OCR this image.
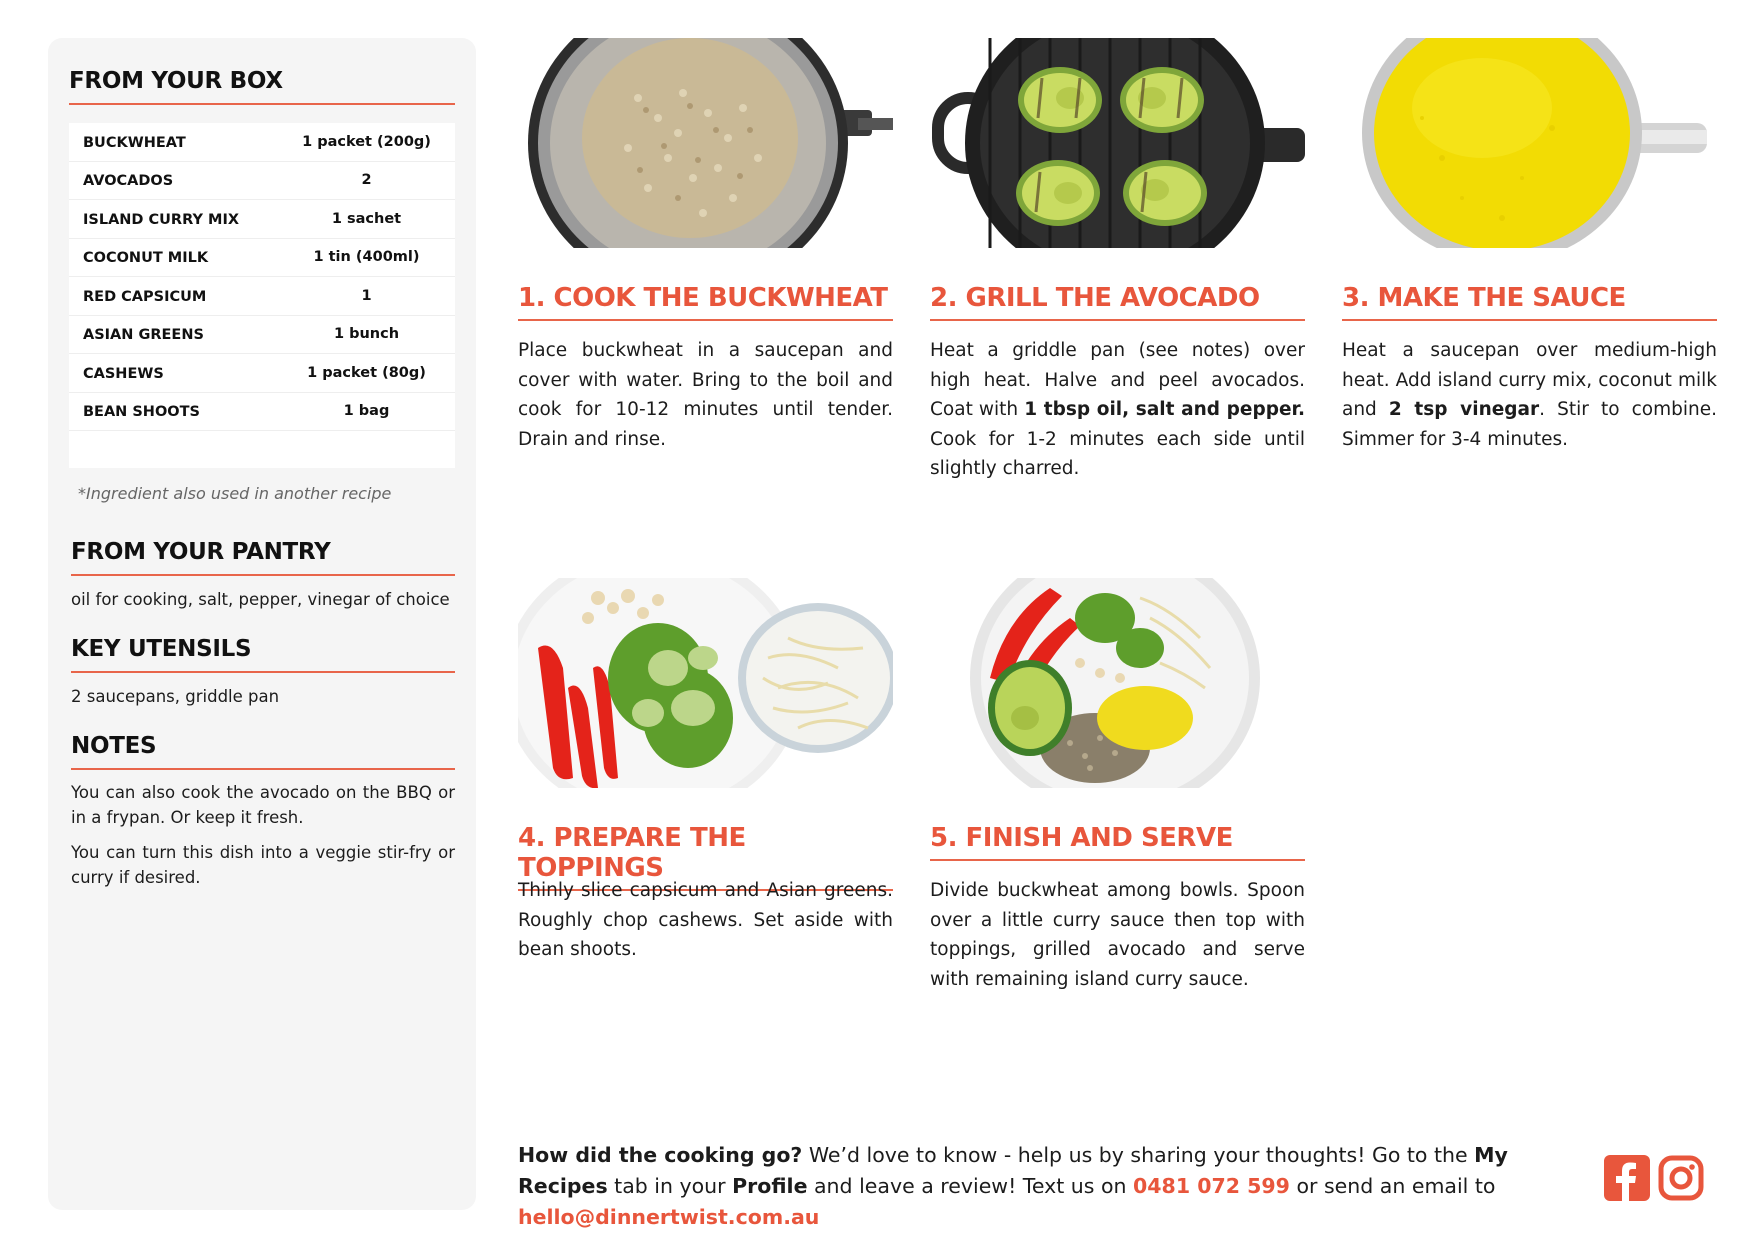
FROM YOUR BOX
BUCKWHEAT	1 packet (200g)
AVOCADOS	2
ISLAND CURRY MIX	1 sachet
COCONUT MILK	1 tin (400ml)
RED CAPSICUM	1
ASIAN GREENS	1 bunch
CASHEWS	1 packet (80g)
BEAN SHOOTS	1 bag
*Ingredient also used in another recipe
FROM YOUR PANTRY
oil for cooking, salt, pepper, vinegar of choice
KEY UTENSILS
2 saucepans, griddle pan
NOTES
You can also cook the avocado on the BBQ or in a frypan. Or keep it fresh.
You can turn this dish into a veggie stir-fry or curry if desired.
1. COOK THE BUCKWHEAT
Place buckwheat in a saucepan and cover with water. Bring to the boil and cook for 10-12 minutes until tender. Drain and rinse.
2. GRILL THE AVOCADO
Heat a griddle pan (see notes) over high heat. Halve and peel avocados. Coat with 1 tbsp oil, salt and pepper. Cook for 1-2 minutes each side until slightly charred.
3. MAKE THE SAUCE
Heat a saucepan over medium-high heat. Add island curry mix, coconut milk and 2 tsp vinegar. Stir to combine. Simmer for 3-4 minutes.
4. PREPARE THE TOPPINGS
Thinly slice capsicum and Asian greens. Roughly chop cashews. Set aside with bean shoots.
5. FINISH AND SERVE
Divide buckwheat among bowls. Spoon over a little curry sauce then top with toppings, grilled avocado and serve with remaining island curry sauce.
How did the cooking go? We’d love to know - help us by sharing your thoughts! Go to the My Recipes tab in your Profile and leave a review! Text us on 0481 072 599 or send an email to hello@dinnertwist.com.au
